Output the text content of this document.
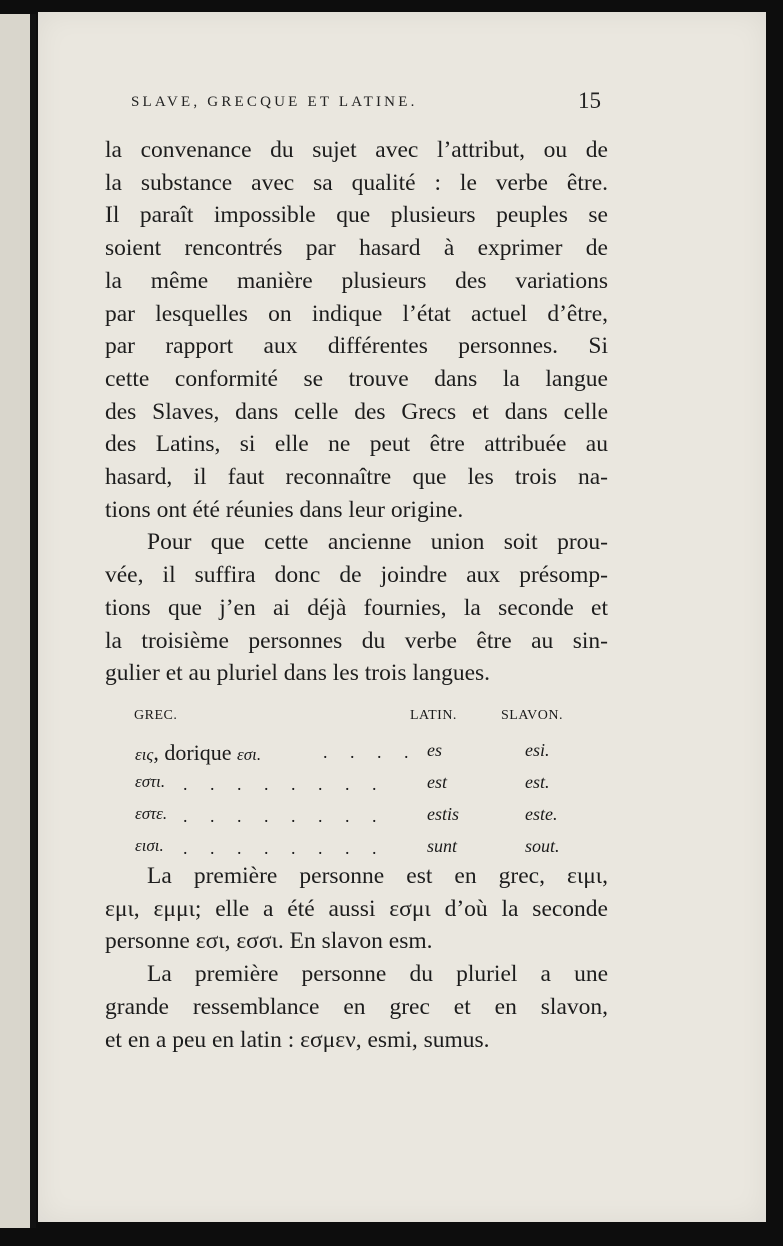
SLAVE, GRECQUE ET LATINE.	15

la convenance du sujet avec l’attribut, ou de
la substance avec sa qualité : le verbe être.
Il paraît impossible que plusieurs peuples se
soient rencontrés par hasard à exprimer de
la même manière plusieurs des variations
par lesquelles on indique l’état actuel d’être,
par rapport aux différentes personnes. Si
cette conformité se trouve dans la langue
des Slaves, dans celle des Grecs et dans celle
des Latins, si elle ne peut être attribuée au
hasard, il faut reconnaître que les trois na-
tions ont été réunies dans leur origine.

Pour que cette ancienne union soit prou-
vée, il suffira donc de joindre aux présomp-
tions que j’en ai déjà fournies, la seconde et
la troisième personnes du verbe être au sin-
gulier et au pluriel dans les trois langues.

GREC.	LATIN.	SLAVON.
εις, dorique εσι.	. . . . es	esi.
εστι. . . . . . . . . est	est.
εστε. . . . . . . . . estis	este.
εισι. . . . . . . . . sunt	sout.

La première personne est en grec, ειμι,
εμι, εμμι; elle a été aussi εσμι d’où la seconde
personne εσι, εσσι. En slavon esm.

La première personne du pluriel a une
grande ressemblance en grec et en slavon,
et en a peu en latin : εσμεν, esmi, sumus.
